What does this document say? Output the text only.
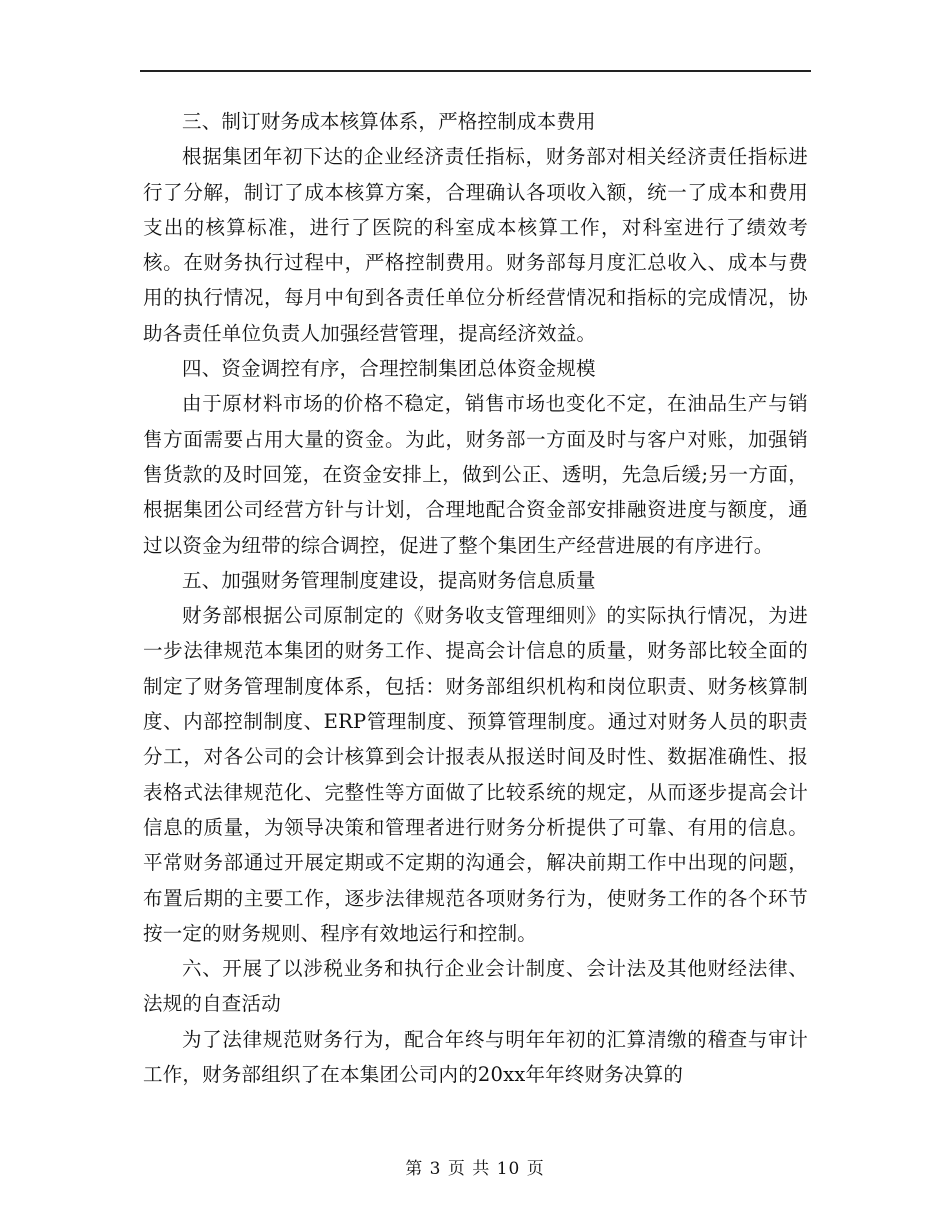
三、制订财务成本核算体系，严格控制成本费用

根据集团年初下达的企业经济责任指标，财务部对相关经济责任指标进行了分解，制订了成本核算方案，合理确认各项收入额，统一了成本和费用支出的核算标准，进行了医院的科室成本核算工作，对科室进行了绩效考核。在财务执行过程中，严格控制费用。财务部每月度汇总收入、成本与费用的执行情况，每月中旬到各责任单位分析经营情况和指标的完成情况，协助各责任单位负责人加强经营管理，提高经济效益。

四、资金调控有序，合理控制集团总体资金规模

由于原材料市场的价格不稳定，销售市场也变化不定，在油品生产与销售方面需要占用大量的资金。为此，财务部一方面及时与客户对账，加强销售货款的及时回笼，在资金安排上，做到公正、透明，先急后缓;另一方面，根据集团公司经营方针与计划，合理地配合资金部安排融资进度与额度，通过以资金为纽带的综合调控，促进了整个集团生产经营进展的有序进行。

五、加强财务管理制度建设，提高财务信息质量

财务部根据公司原制定的《财务收支管理细则》的实际执行情况，为进一步法律规范本集团的财务工作、提高会计信息的质量，财务部比较全面的制定了财务管理制度体系，包括：财务部组织机构和岗位职责、财务核算制度、内部控制制度、ERP管理制度、预算管理制度。通过对财务人员的职责分工，对各公司的会计核算到会计报表从报送时间及时性、数据准确性、报表格式法律规范化、完整性等方面做了比较系统的规定，从而逐步提高会计信息的质量，为领导决策和管理者进行财务分析提供了可靠、有用的信息。平常财务部通过开展定期或不定期的沟通会，解决前期工作中出现的问题，布置后期的主要工作，逐步法律规范各项财务行为，使财务工作的各个环节按一定的财务规则、程序有效地运行和控制。

六、开展了以涉税业务和执行企业会计制度、会计法及其他财经法律、法规的自查活动

为了法律规范财务行为，配合年终与明年年初的汇算清缴的稽查与审计工作，财务部组织了在本集团公司内的20xx年年终财务决算的

第 3 页 共 10 页
